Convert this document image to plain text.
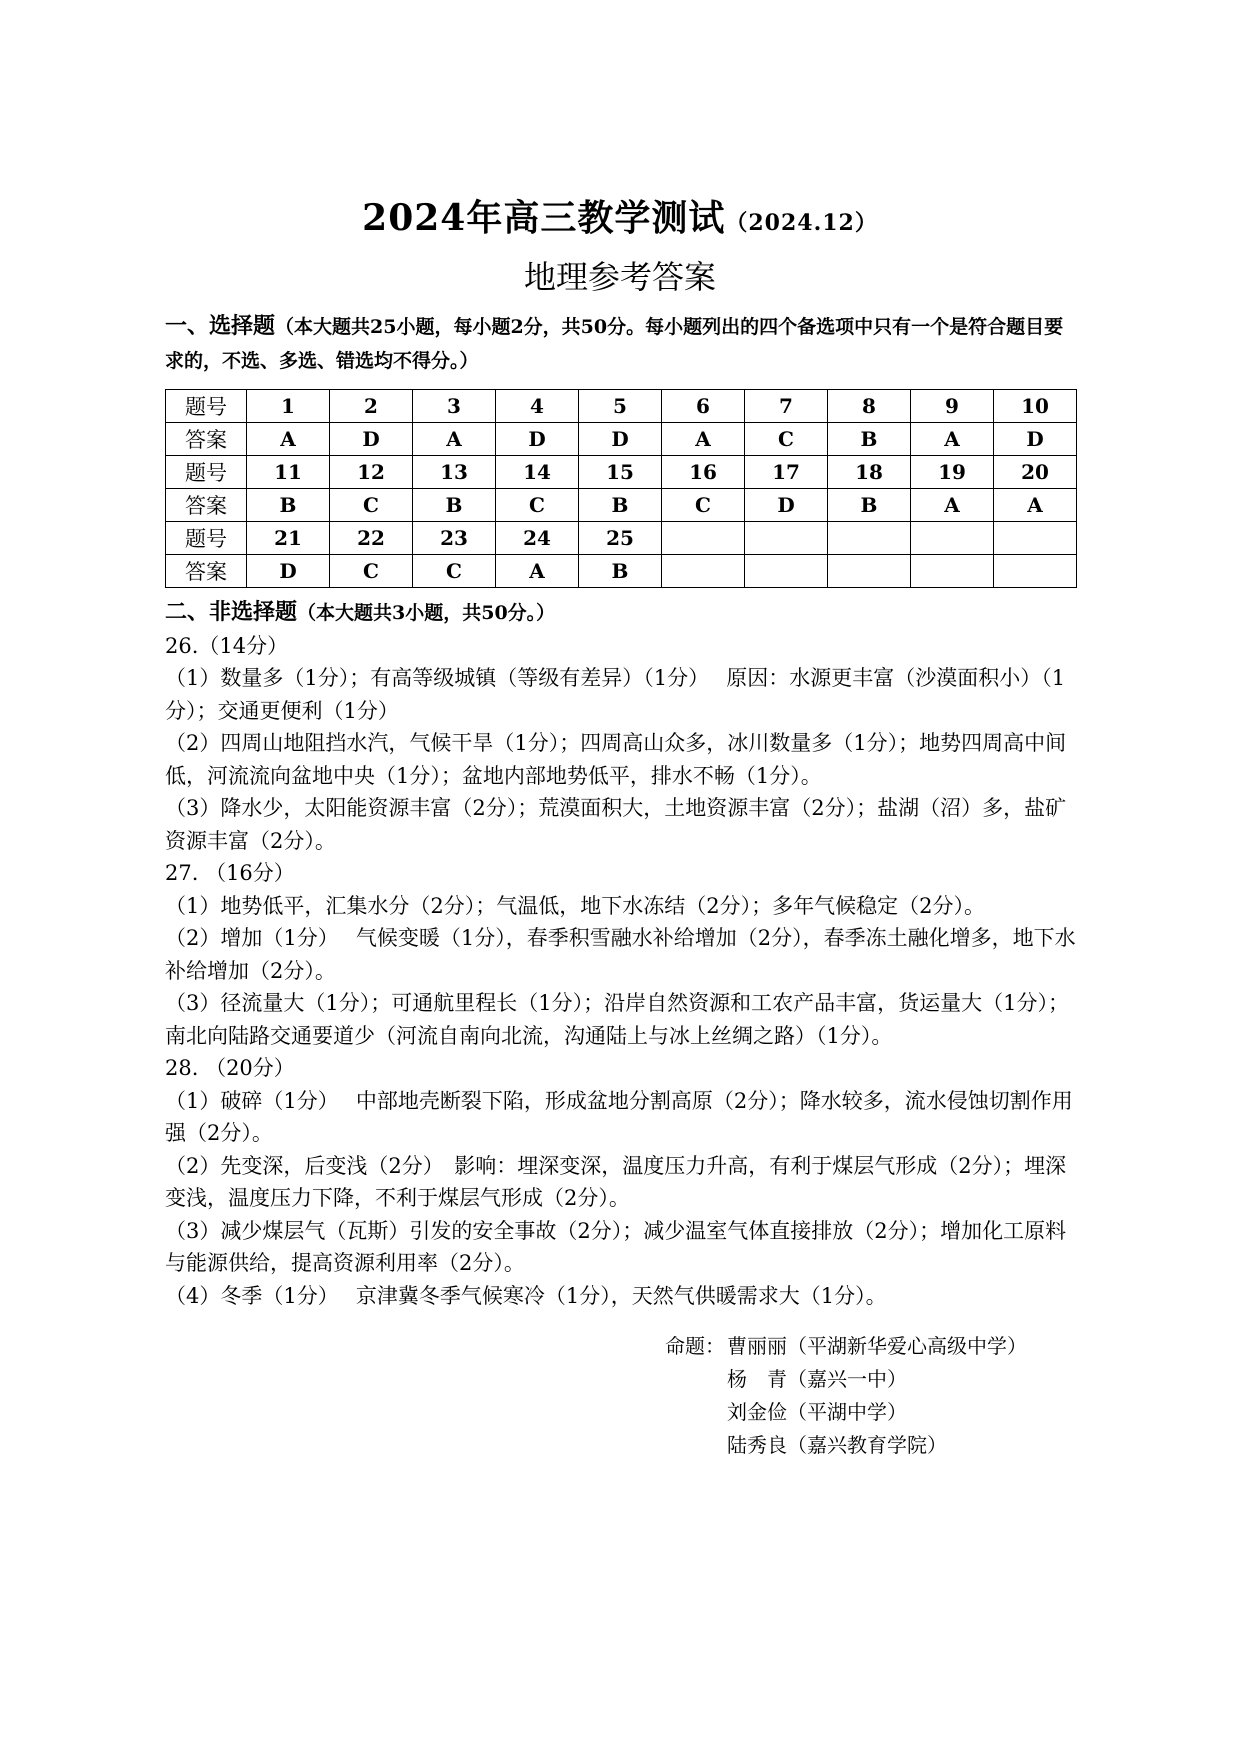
2024年高三教学测试（2024.12）
地理参考答案
一、选择题（本大题共25小题，每小题2分，共50分。每小题列出的四个备选项中只有一个是符合题目要求的，不选、多选、错选均不得分。）
题号	1	2	3	4	5	6	7	8	9	10
答案	A	D	A	D	D	A	C	B	A	D
题号	11	12	13	14	15	16	17	18	19	20
答案	B	C	B	C	B	C	D	B	A	A
题号	21	22	23	24	25					
答案	D	C	C	A	B					

二、非选择题（本大题共3小题，共50分。）

26.（14分）

（1）数量多（1分）；有高等级城镇（等级有差异）（1分）　 原因：水源更丰富（沙漠面积小）（1分）；交通更便利（1分）

（2）四周山地阻挡水汽，气候干旱（1分）；四周高山众多，冰川数量多（1分）；地势四周高中间低，河流流向盆地中央（1分）；盆地内部地势低平，排水不畅（1分）。

（3）降水少，太阳能资源丰富（2分）；荒漠面积大，土地资源丰富（2分）；盐湖（沼）多，盐矿资源丰富（2分）。

27. （16分）

（1）地势低平，汇集水分（2分）；气温低，地下水冻结（2分）；多年气候稳定（2分）。

（2）增加（1分）　 气候变暖（1分），春季积雪融水补给增加（2分），春季冻土融化增多，地下水补给增加（2分）。

（3）径流量大（1分）；可通航里程长（1分）；沿岸自然资源和工农产品丰富，货运量大（1分）；南北向陆路交通要道少（河流自南向北流，沟通陆上与冰上丝绸之路）（1分）。

28. （20分）

（1）破碎（1分）　 中部地壳断裂下陷，形成盆地分割高原（2分）；降水较多，流水侵蚀切割作用强（2分）。

（2）先变深，后变浅（2分）　影响：埋深变深，温度压力升高，有利于煤层气形成（2分）；埋深变浅，温度压力下降，不利于煤层气形成（2分）。

（3）减少煤层气（瓦斯）引发的安全事故（2分）；减少温室气体直接排放（2分）；增加化工原料与能源供给，提高资源利用率（2分）。

（4）冬季（1分）　 京津冀冬季气候寒冷（1分），天然气供暖需求大（1分）。

命题： 曹丽丽（平湖新华爱心高级中学）
杨　青（嘉兴一中）
刘金俭（平湖中学）
陆秀良（嘉兴教育学院）
